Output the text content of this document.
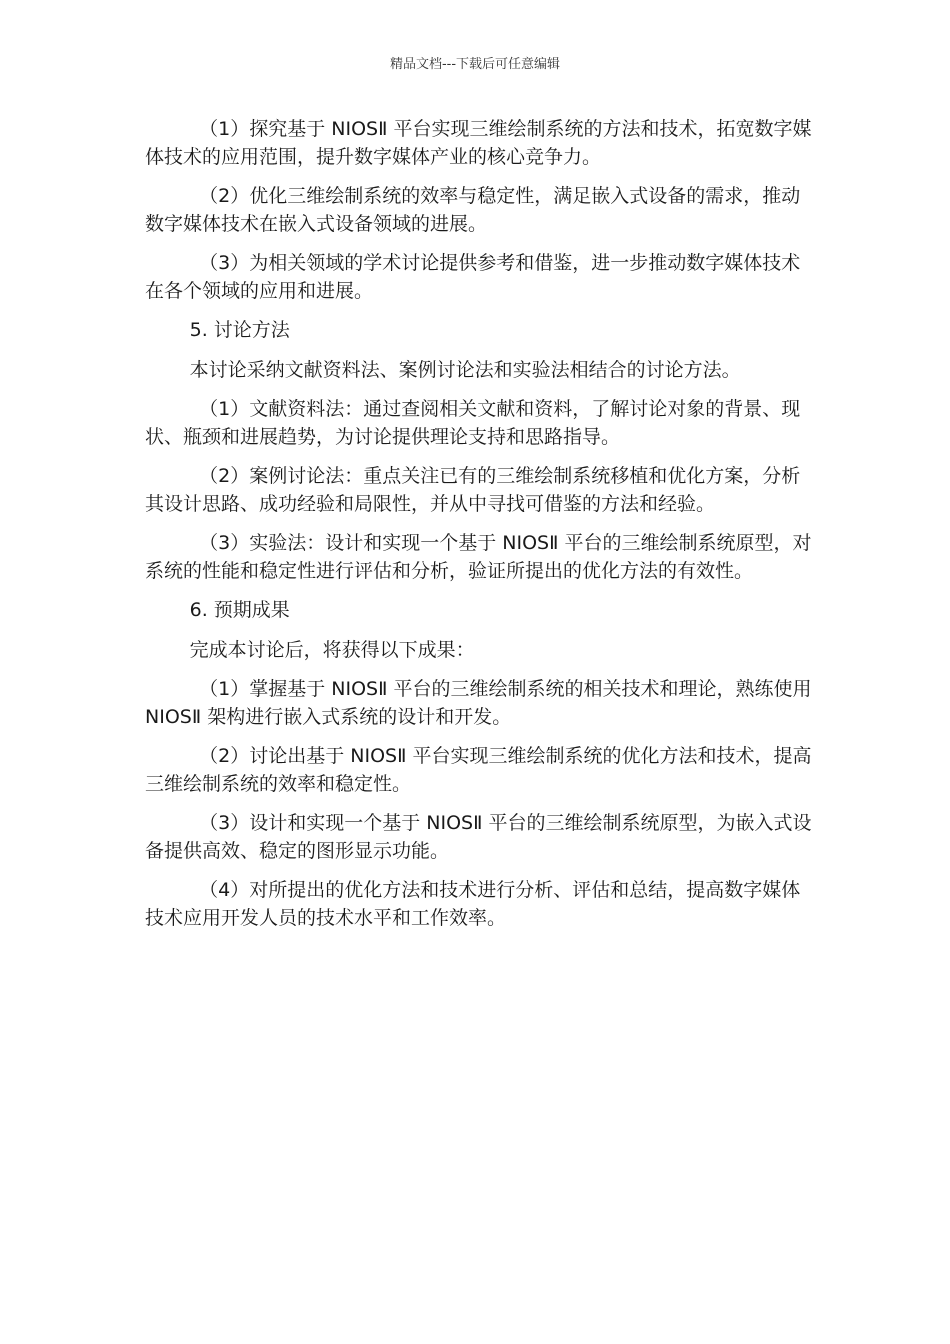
精品文档---下载后可任意编辑

（1）探究基于 NIOSⅡ 平台实现三维绘制系统的方法和技术，拓宽数字媒体技术的应用范围，提升数字媒体产业的核心竞争力。

（2）优化三维绘制系统的效率与稳定性，满足嵌入式设备的需求，推动数字媒体技术在嵌入式设备领域的进展。

（3）为相关领域的学术讨论提供参考和借鉴，进一步推动数字媒体技术在各个领域的应用和进展。

5. 讨论方法

本讨论采纳文献资料法、案例讨论法和实验法相结合的讨论方法。

（1）文献资料法：通过查阅相关文献和资料，了解讨论对象的背景、现状、瓶颈和进展趋势，为讨论提供理论支持和思路指导。

（2）案例讨论法：重点关注已有的三维绘制系统移植和优化方案，分析其设计思路、成功经验和局限性，并从中寻找可借鉴的方法和经验。

（3）实验法：设计和实现一个基于 NIOSⅡ 平台的三维绘制系统原型，对系统的性能和稳定性进行评估和分析，验证所提出的优化方法的有效性。

6. 预期成果

完成本讨论后，将获得以下成果：

（1）掌握基于 NIOSⅡ 平台的三维绘制系统的相关技术和理论，熟练使用 NIOSⅡ 架构进行嵌入式系统的设计和开发。

（2）讨论出基于 NIOSⅡ 平台实现三维绘制系统的优化方法和技术，提高三维绘制系统的效率和稳定性。

（3）设计和实现一个基于 NIOSⅡ 平台的三维绘制系统原型，为嵌入式设备提供高效、稳定的图形显示功能。

（4）对所提出的优化方法和技术进行分析、评估和总结，提高数字媒体技术应用开发人员的技术水平和工作效率。
